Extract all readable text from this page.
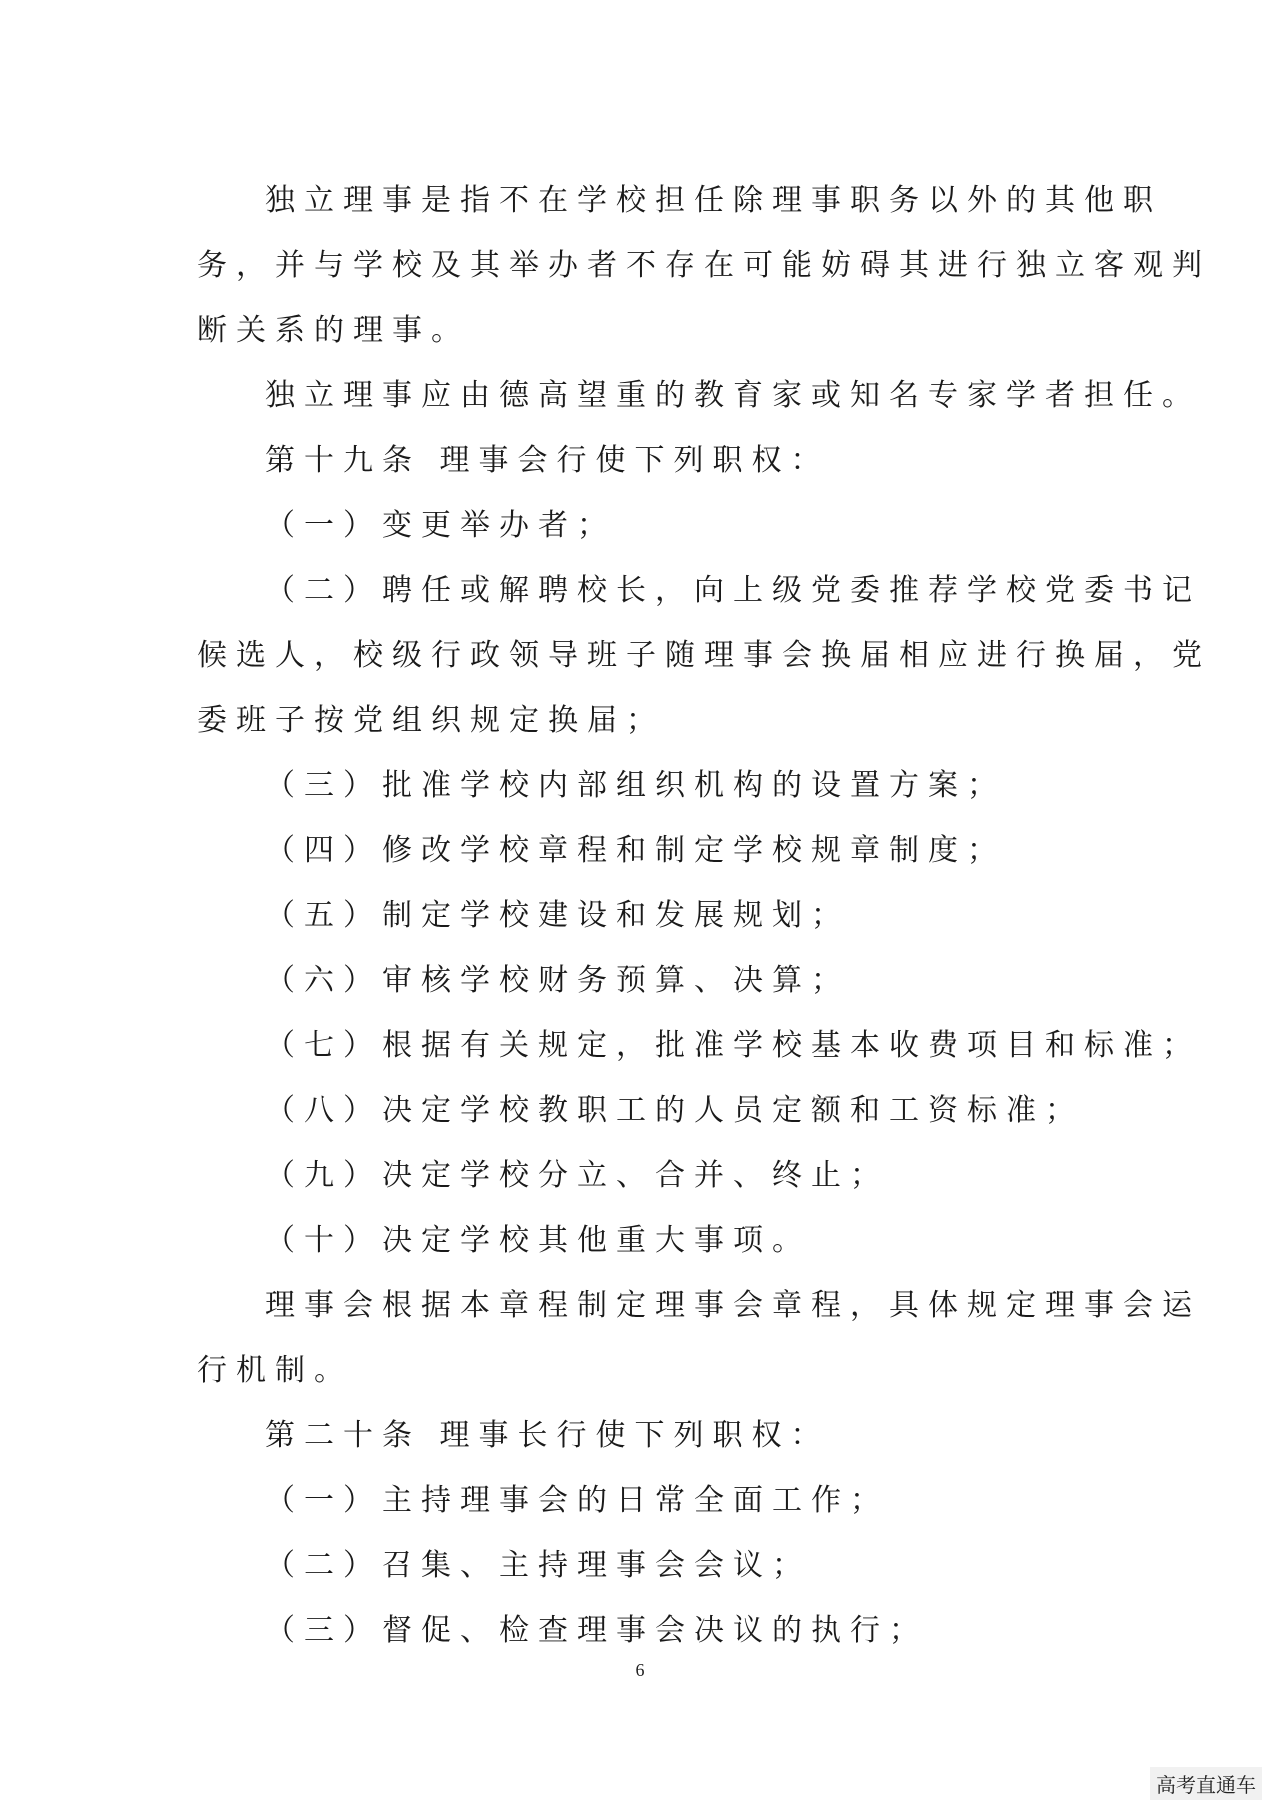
独立理事是指不在学校担任除理事职务以外的其他职
务，并与学校及其举办者不存在可能妨碍其进行独立客观判
断关系的理事。
独立理事应由德高望重的教育家或知名专家学者担任。
第十九条 理事会行使下列职权：
（一）变更举办者；
（二）聘任或解聘校长，向上级党委推荐学校党委书记
候选人，校级行政领导班子随理事会换届相应进行换届，党
委班子按党组织规定换届；
（三）批准学校内部组织机构的设置方案；
（四）修改学校章程和制定学校规章制度；
（五）制定学校建设和发展规划；
（六）审核学校财务预算、决算；
（七）根据有关规定，批准学校基本收费项目和标准；
（八）决定学校教职工的人员定额和工资标准；
（九）决定学校分立、合并、终止；
（十）决定学校其他重大事项。
理事会根据本章程制定理事会章程，具体规定理事会运
行机制。
第二十条 理事长行使下列职权：
（一）主持理事会的日常全面工作；
（二）召集、主持理事会会议；
（三）督促、检查理事会决议的执行；
6
高考直通车
